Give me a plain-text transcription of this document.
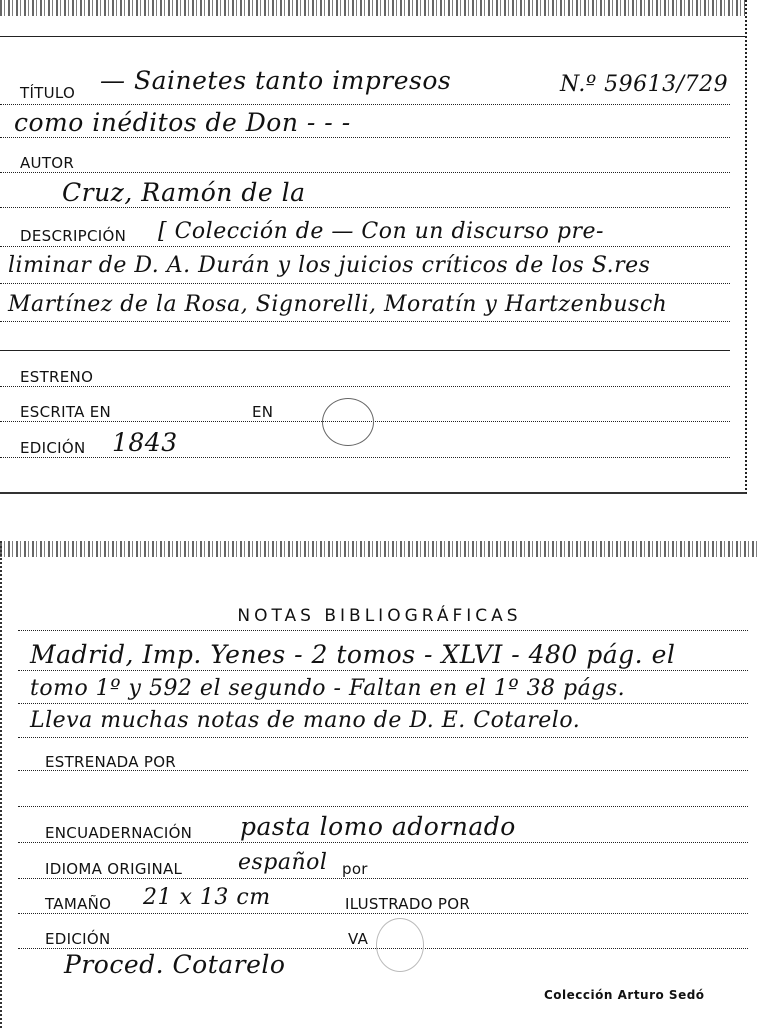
TÍTULO — Sainetes tanto impresos	N.º 59613/729
como inéditos de Don - - -
AUTOR
Cruz, Ramón de la
DESCRIPCIÓN [ Colección de — Con un discurso pre-
liminar de D. A. Durán y los juicios críticos de los S.res
Martínez de la Rosa, Signorelli, Moratín y Hartzenbusch
ESTRENO
ESCRITA EN	EN
EDICIÓN 1843
NOTAS BIBLIOGRÁFICAS
Madrid, Imp. Yenes - 2 tomos - XLVI - 480 pág. el
tomo 1º y 592 el segundo - Faltan en el 1º 38 págs.
Lleva muchas notas de mano de D. E. Cotarelo.
ESTRENADA POR
ENCUADERNACIÓN pasta lomo adornado
IDIOMA ORIGINAL	español por
TAMAÑO 21 x 13 cm	ILUSTRADO POR
EDICIÓN	VA
Proced. Cotarelo
Colección Arturo Sedó
